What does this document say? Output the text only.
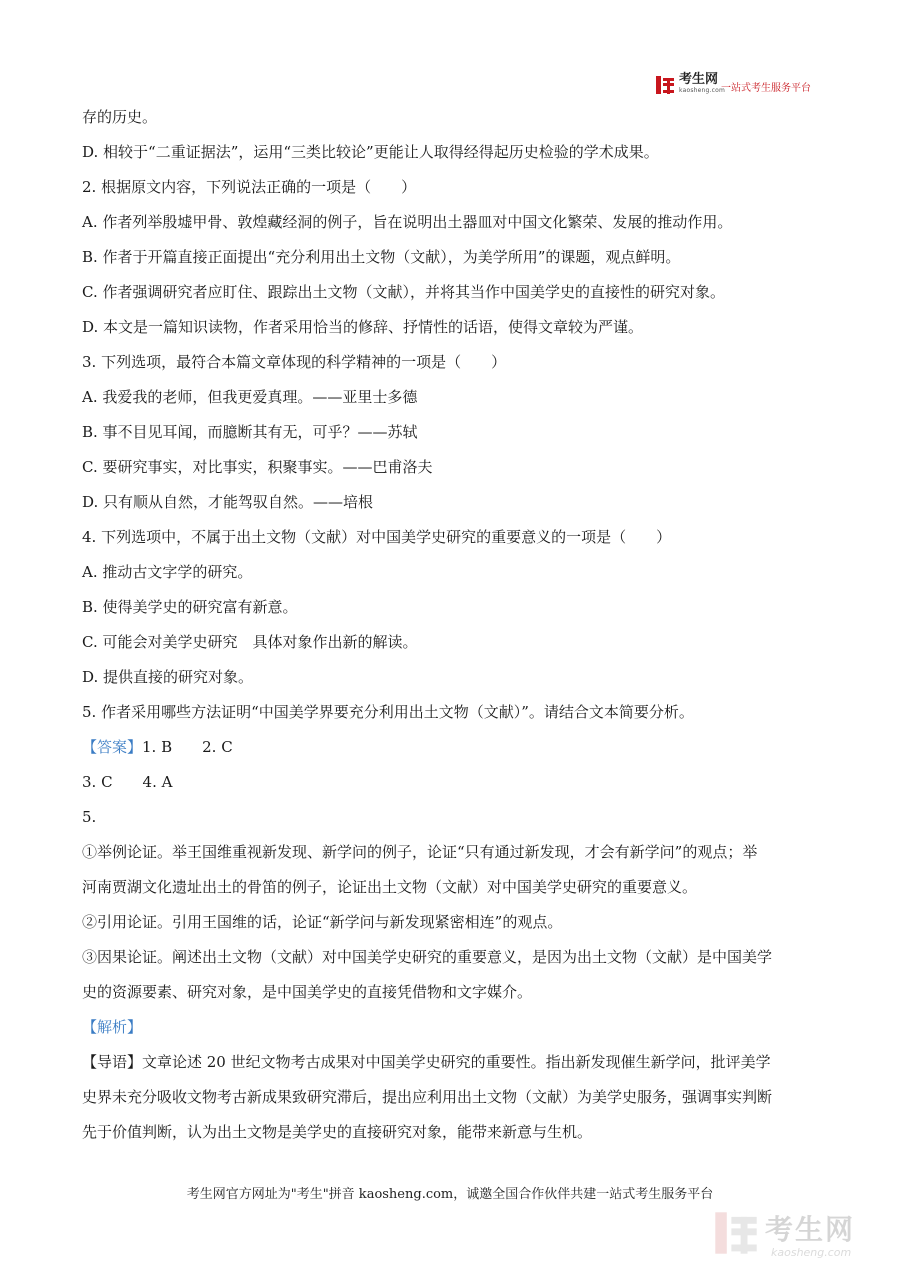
考生网
kaosheng.com
一站式考生服务平台
存的历史。
D. 相较于“二重证据法”，运用“三类比较论”更能让人取得经得起历史检验的学术成果。
2. 根据原文内容，下列说法正确的一项是（　　）
A. 作者列举殷墟甲骨、敦煌藏经洞的例子，旨在说明出土器皿对中国文化繁荣、发展的推动作用。
B. 作者于开篇直接正面提出“充分利用出土文物（文献），为美学所用”的课题，观点鲜明。
C. 作者强调研究者应盯住、跟踪出土文物（文献），并将其当作中国美学史的直接性的研究对象。
D. 本文是一篇知识读物，作者采用恰当的修辞、抒情性的话语，使得文章较为严谨。
3. 下列选项，最符合本篇文章体现的科学精神的一项是（　　）
A. 我爱我的老师，但我更爱真理。——亚里士多德
B. 事不目见耳闻，而臆断其有无，可乎？——苏轼
C. 要研究事实，对比事实，积聚事实。——巴甫洛夫
D. 只有顺从自然，才能驾驭自然。——培根
4. 下列选项中，不属于出土文物（文献）对中国美学史研究的重要意义的一项是（　　）
A. 推动古文字学的研究。
B. 使得美学史的研究富有新意。
C. 可能会对美学史研究　具体对象作出新的解读。
D. 提供直接的研究对象。
5. 作者采用哪些方法证明“中国美学界要充分利用出土文物（文献）”。请结合文本简要分析。
【答案】1. B　　2. C
3. C　　4. A
5.
①举例论证。举王国维重视新发现、新学问的例子，论证“只有通过新发现，才会有新学问”的观点；举
河南贾湖文化遗址出土的骨笛的例子，论证出土文物（文献）对中国美学史研究的重要意义。
②引用论证。引用王国维的话，论证“新学问与新发现紧密相连”的观点。
③因果论证。阐述出土文物（文献）对中国美学史研究的重要意义，是因为出土文物（文献）是中国美学
史的资源要素、研究对象，是中国美学史的直接凭借物和文字媒介。
【解析】
【导语】文章论述 20 世纪文物考古成果对中国美学史研究的重要性。指出新发现催生新学问，批评美学
史界未充分吸收文物考古新成果致研究滞后，提出应利用出土文物（文献）为美学史服务，强调事实判断
先于价值判断，认为出土文物是美学史的直接研究对象，能带来新意与生机。
考生网官方网址为"考生"拼音 kaosheng.com，诚邀全国合作伙伴共建一站式考生服务平台
考生网
kaosheng.com
